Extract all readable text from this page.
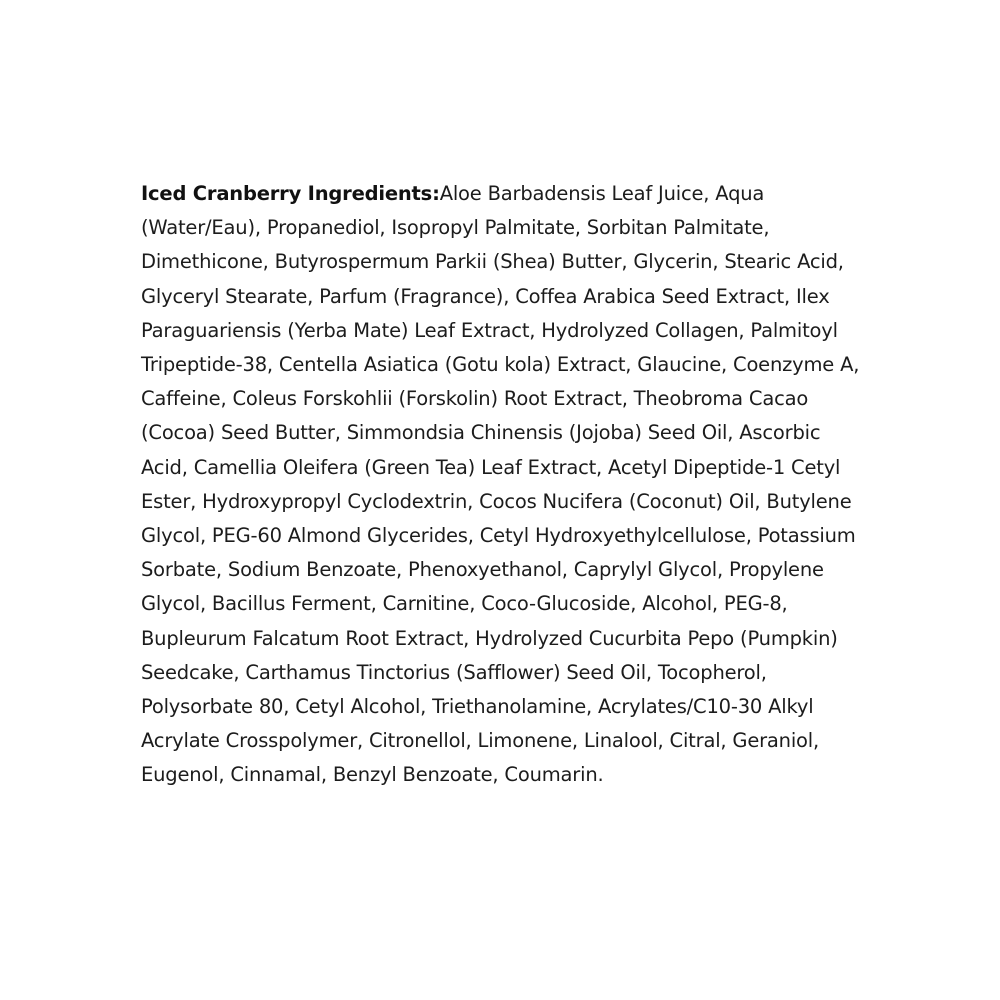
Iced Cranberry Ingredients:Aloe Barbadensis Leaf Juice, Aqua (Water/Eau), Propanediol, Isopropyl Palmitate, Sorbitan Palmitate, Dimethicone, Butyrospermum Parkii (Shea) Butter, Glycerin, Stearic Acid, Glyceryl Stearate, Parfum (Fragrance), Coffea Arabica Seed Extract, Ilex Paraguariensis (Yerba Mate) Leaf Extract, Hydrolyzed Collagen, Palmitoyl Tripeptide-38, Centella Asiatica (Gotu kola) Extract, Glaucine, Coenzyme A, Caffeine, Coleus Forskohlii (Forskolin) Root Extract, Theobroma Cacao (Cocoa) Seed Butter, Simmondsia Chinensis (Jojoba) Seed Oil, Ascorbic Acid, Camellia Oleifera (Green Tea) Leaf Extract, Acetyl Dipeptide-1 Cetyl Ester, Hydroxypropyl Cyclodextrin, Cocos Nucifera (Coconut) Oil, Butylene Glycol, PEG-60 Almond Glycerides, Cetyl Hydroxyethylcellulose, Potassium Sorbate, Sodium Benzoate, Phenoxyethanol, Caprylyl Glycol, Propylene Glycol, Bacillus Ferment, Carnitine, Coco-Glucoside, Alcohol, PEG-8, Bupleurum Falcatum Root Extract, Hydrolyzed Cucurbita Pepo (Pumpkin) Seedcake, Carthamus Tinctorius (Safflower) Seed Oil, Tocopherol, Polysorbate 80, Cetyl Alcohol, Triethanolamine, Acrylates/C10-30 Alkyl Acrylate Crosspolymer, Citronellol, Limonene, Linalool, Citral, Geraniol, Eugenol, Cinnamal, Benzyl Benzoate, Coumarin.
